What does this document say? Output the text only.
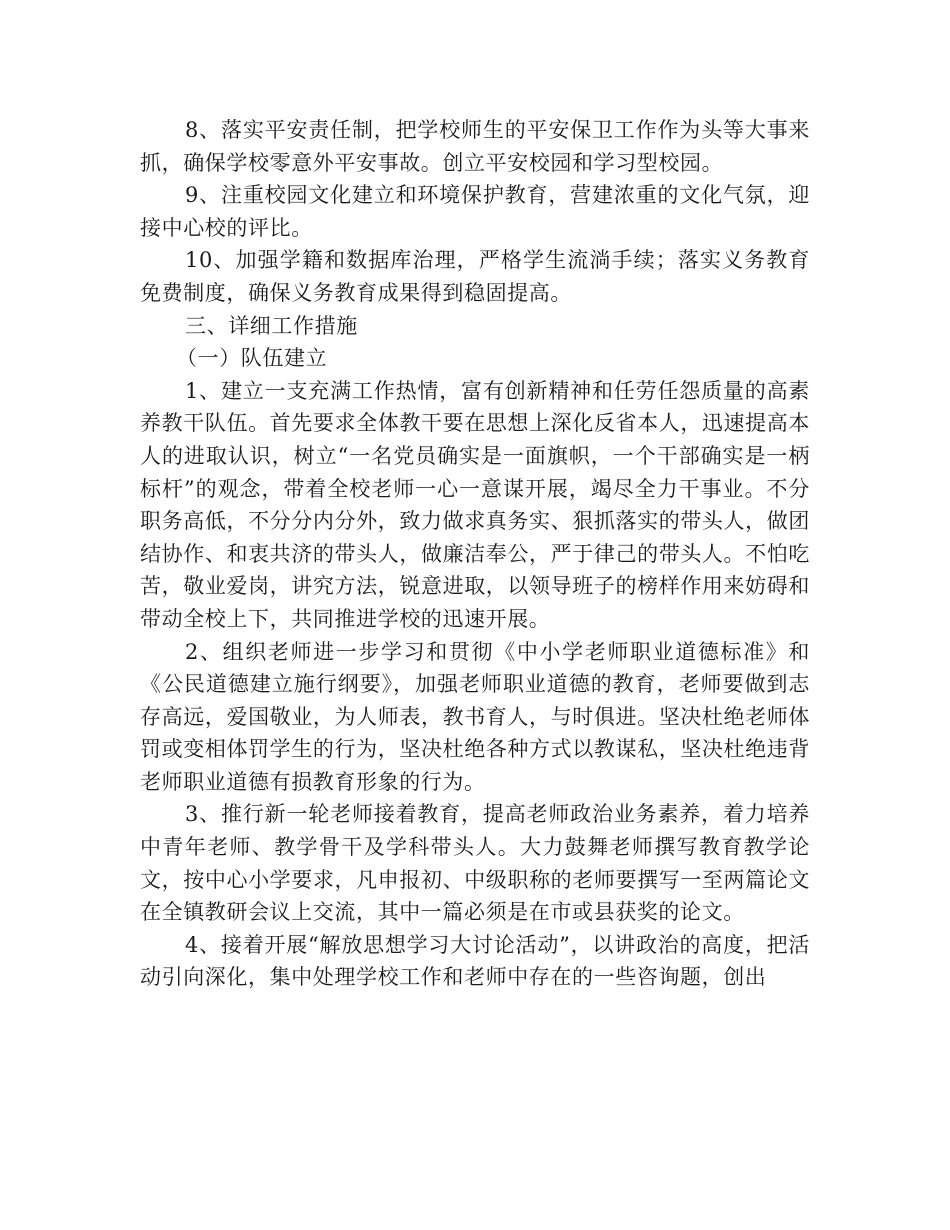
8、落实平安责任制，把学校师生的平安保卫工作作为头等大事来抓，确保学校零意外平安事故。创立平安校园和学习型校园。

9、注重校园文化建立和环境保护教育，营建浓重的文化气氛，迎接中心校的评比。

10、加强学籍和数据库治理，严格学生流淌手续；落实义务教育免费制度，确保义务教育成果得到稳固提高。

三、详细工作措施

（一）队伍建立

1、建立一支充满工作热情，富有创新精神和任劳任怨质量的高素养教干队伍。首先要求全体教干要在思想上深化反省本人，迅速提高本人的进取认识，树立“一名党员确实是一面旗帜，一个干部确实是一柄标杆”的观念，带着全校老师一心一意谋开展，竭尽全力干事业。不分职务高低，不分分内分外，致力做求真务实、狠抓落实的带头人，做团结协作、和衷共济的带头人，做廉洁奉公，严于律己的带头人。不怕吃苦，敬业爱岗，讲究方法，锐意进取，以领导班子的榜样作用来妨碍和带动全校上下，共同推进学校的迅速开展。

2、组织老师进一步学习和贯彻《中小学老师职业道德标准》和《公民道德建立施行纲要》，加强老师职业道德的教育，老师要做到志存高远，爱国敬业，为人师表，教书育人，与时俱进。坚决杜绝老师体罚或变相体罚学生的行为，坚决杜绝各种方式以教谋私，坚决杜绝违背老师职业道德有损教育形象的行为。

3、推行新一轮老师接着教育，提高老师政治业务素养，着力培养中青年老师、教学骨干及学科带头人。大力鼓舞老师撰写教育教学论文，按中心小学要求，凡申报初、中级职称的老师要撰写一至两篇论文在全镇教研会议上交流，其中一篇必须是在市或县获奖的论文。

4、接着开展“解放思想学习大讨论活动”，以讲政治的高度，把活动引向深化，集中处理学校工作和老师中存在的一些咨询题，创出
